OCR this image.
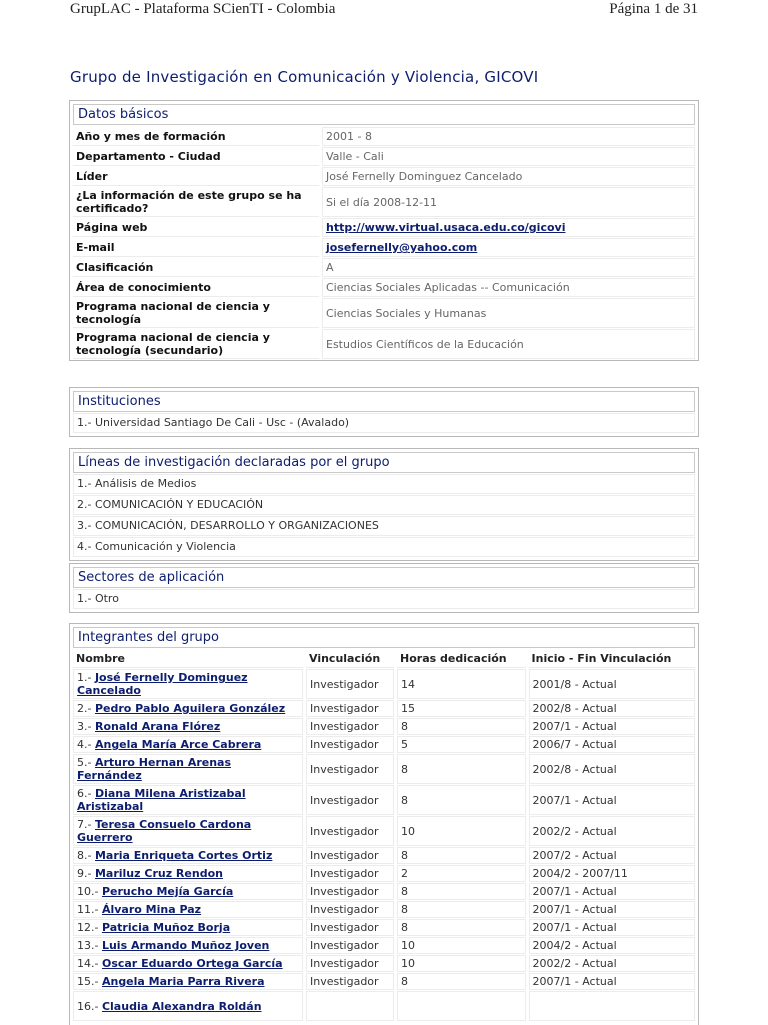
GrupLAC - Plataforma SCienTI - Colombia	Página 1 de 31
Grupo de Investigación en Comunicación y Violencia, GICOVI
Datos básicos
Año y mes de formación	2001 - 8
Departamento - Ciudad	Valle - Cali
Líder	José Fernelly Dominguez Cancelado
¿La información de este grupo se ha certificado?	Si el día 2008-12-11
Página web	http://www.virtual.usaca.edu.co/gicovi
E-mail	josefernelly@yahoo.com
Clasificación	A
Área de conocimiento	Ciencias Sociales Aplicadas -- Comunicación
Programa nacional de ciencia y tecnología	Ciencias Sociales y Humanas
Programa nacional de ciencia y tecnología (secundario)	Estudios Científicos de la Educación
Instituciones
1.- Universidad Santiago De Cali - Usc - (Avalado)
Líneas de investigación declaradas por el grupo
1.- Análisis de Medios
2.- COMUNICACIÓN Y EDUCACIÓN
3.- COMUNICACIÓN, DESARROLLO Y ORGANIZACIONES
4.- Comunicación y Violencia
Sectores de aplicación
1.- Otro
Integrantes del grupo
Nombre	Vinculación	Horas dedicación	Inicio - Fin Vinculación
1.- José Fernelly Dominguez Cancelado	Investigador	14	2001/8 - Actual
2.- Pedro Pablo Aguilera González	Investigador	15	2002/8 - Actual
3.- Ronald Arana Flórez	Investigador	8	2007/1 - Actual
4.- Angela María Arce Cabrera	Investigador	5	2006/7 - Actual
5.- Arturo Hernan Arenas Fernández	Investigador	8	2002/8 - Actual
6.- Diana Milena Aristizabal Aristizabal	Investigador	8	2007/1 - Actual
7.- Teresa Consuelo Cardona Guerrero	Investigador	10	2002/2 - Actual
8.- Maria Enriqueta Cortes Ortiz	Investigador	8	2007/2 - Actual
9.- Mariluz Cruz Rendon	Investigador	2	2004/2 - 2007/11
10.- Perucho Mejía García	Investigador	8	2007/1 - Actual
11.- Álvaro Mina Paz	Investigador	8	2007/1 - Actual
12.- Patricia Muñoz Borja	Investigador	8	2007/1 - Actual
13.- Luis Armando Muñoz Joven	Investigador	10	2004/2 - Actual
14.- Oscar Eduardo Ortega García	Investigador	10	2002/2 - Actual
15.- Angela Maria Parra Rivera	Investigador	8	2007/1 - Actual
16.- Claudia Alexandra Roldán			
